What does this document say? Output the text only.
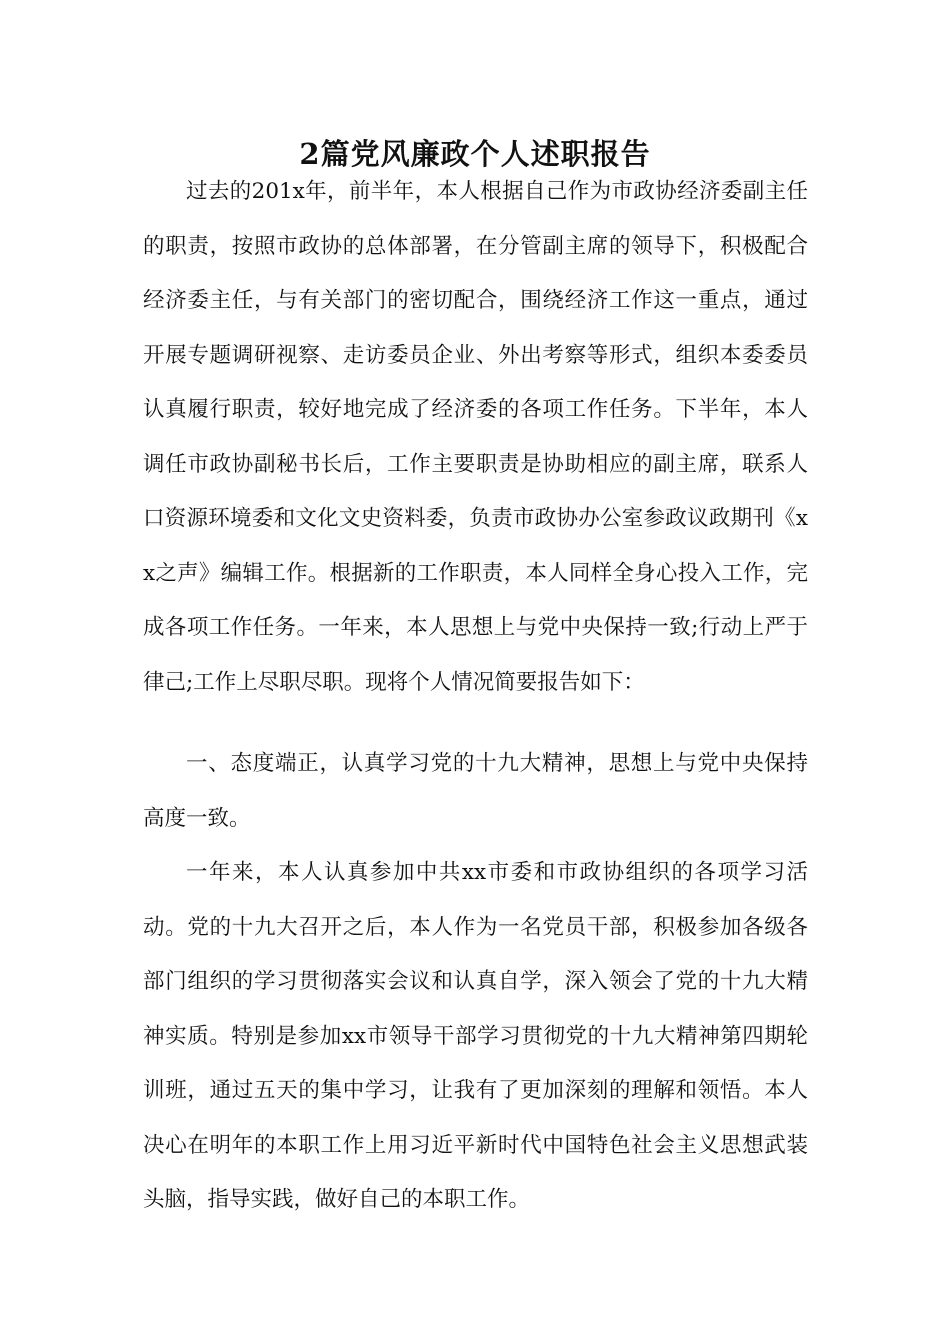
2篇党风廉政个人述职报告

过去的201x年，前半年，本人根据自己作为市政协经济委副主任的职责，按照市政协的总体部署，在分管副主席的领导下，积极配合经济委主任，与有关部门的密切配合，围绕经济工作这一重点，通过开展专题调研视察、走访委员企业、外出考察等形式，组织本委委员认真履行职责，较好地完成了经济委的各项工作任务。下半年，本人调任市政协副秘书长后，工作主要职责是协助相应的副主席，联系人口资源环境委和文化文史资料委，负责市政协办公室参政议政期刊《xx之声》编辑工作。根据新的工作职责，本人同样全身心投入工作，完成各项工作任务。一年来，本人思想上与党中央保持一致;行动上严于律己;工作上尽职尽职。现将个人情况简要报告如下：

一、态度端正，认真学习党的十九大精神，思想上与党中央保持高度一致。

一年来，本人认真参加中共xx市委和市政协组织的各项学习活动。党的十九大召开之后，本人作为一名党员干部，积极参加各级各部门组织的学习贯彻落实会议和认真自学，深入领会了党的十九大精神实质。特别是参加xx市领导干部学习贯彻党的十九大精神第四期轮训班，通过五天的集中学习，让我有了更加深刻的理解和领悟。本人决心在明年的本职工作上用习近平新时代中国特色社会主义思想武装头脑，指导实践，做好自己的本职工作。
